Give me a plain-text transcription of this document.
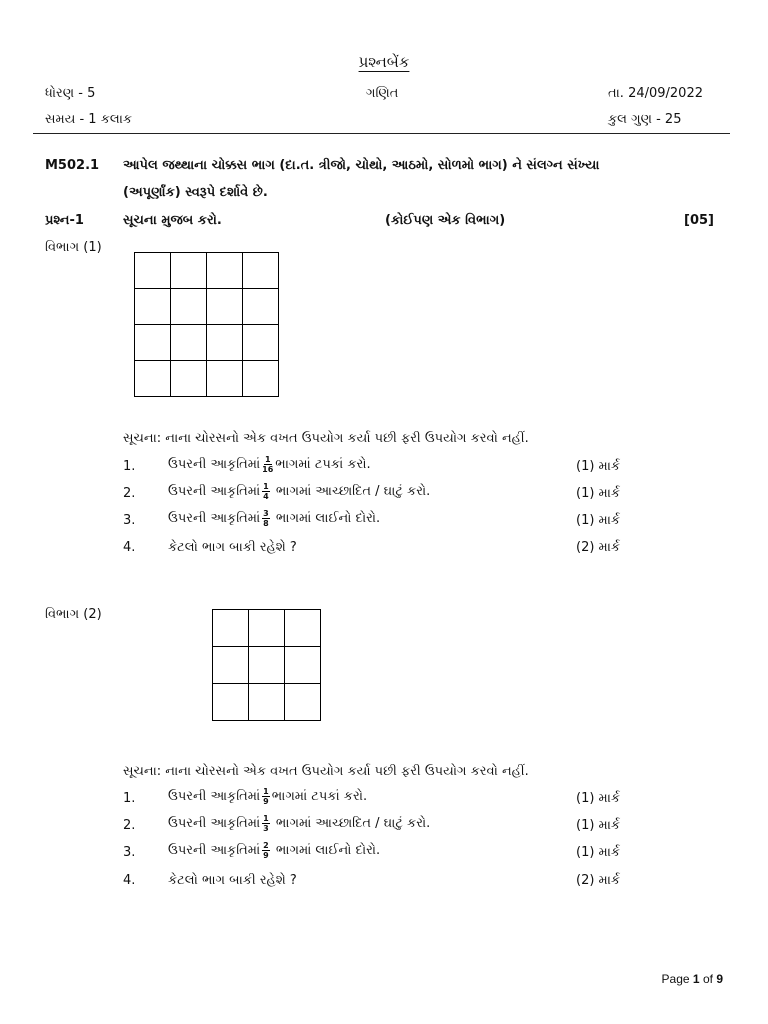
પ્રશ્નબેંક
ધોરણ - 5	ગણિત	તા. 24/09/2022
સમય - 1 કલાક	કુલ ગુણ - 25
M502.1 આપેલ જથ્થાના ચોક્કસ ભાગ (દા.ત. ત્રીજો, ચોથો, આઠમો, સોળમો ભાગ) ને સંલગ્ન સંખ્યા
(અપૂર્ણાંક) સ્વરૂપે દર્શાવે છે.
પ્રશ્ન-1	સૂચના મુજબ કરો.	(કોઈપણ એક વિભાગ)	[05]
વિભાગ (1)

સૂચના: નાના ચોરસનો એક વખત ઉપયોગ કર્યા પછી ફરી ઉપયોગ કરવો નહીં.
1.	ઉપરની આકૃતિમાં $\frac{1}{16}$ ભાગમાં ટપકાં કરો.	(1) માર્ક
2.	ઉપરની આકૃતિમાં $\frac{1}{4}$ ભાગમાં આચ્છાદિત / ઘાટું કરો.	(1) માર્ક
3.	ઉપરની આકૃતિમાં $\frac{3}{8}$ ભાગમાં લાઈનો દોરો.	(1) માર્ક
4.	કેટલો ભાગ બાકી રહેશે ?	(2) માર્ક
વિભાગ (2)

સૂચના: નાના ચોરસનો એક વખત ઉપયોગ કર્યા પછી ફરી ઉપયોગ કરવો નહીં.
1.	ઉપરની આકૃતિમાં $\frac{1}{9}$ ભાગમાં ટપકાં કરો.	(1) માર્ક
2.	ઉપરની આકૃતિમાં $\frac{1}{3}$ ભાગમાં આચ્છાદિત / ઘાટું કરો.	(1) માર્ક
3.	ઉપરની આકૃતિમાં $\frac{2}{9}$ ભાગમાં લાઈનો દોરો.	(1) માર્ક
4.	કેટલો ભાગ બાકી રહેશે ?	(2) માર્ક
Page 1 of 9
